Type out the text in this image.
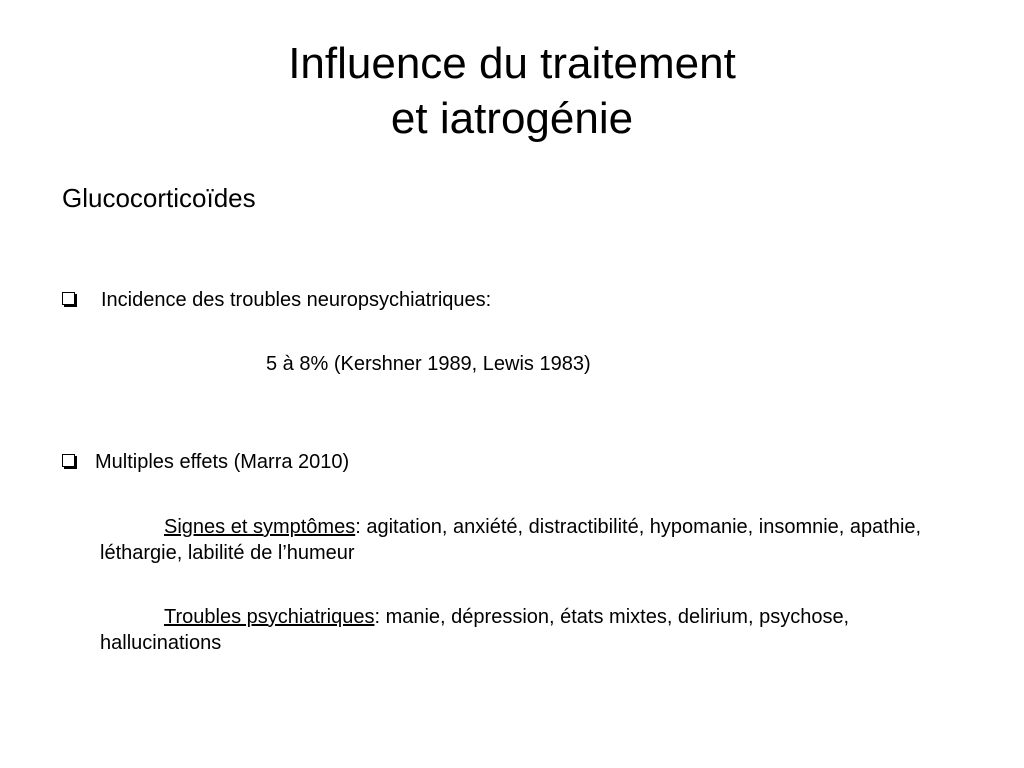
Influence du traitement
et iatrogénie
Glucocorticoïdes
Incidence des troubles neuropsychiatriques:
5 à 8% (Kershner 1989, Lewis 1983)
Multiples effets (Marra 2010)
Signes et symptômes: agitation, anxiété, distractibilité, hypomanie, insomnie, apathie, léthargie, labilité de l’humeur
Troubles psychiatriques: manie, dépression, états mixtes, delirium, psychose, hallucinations
